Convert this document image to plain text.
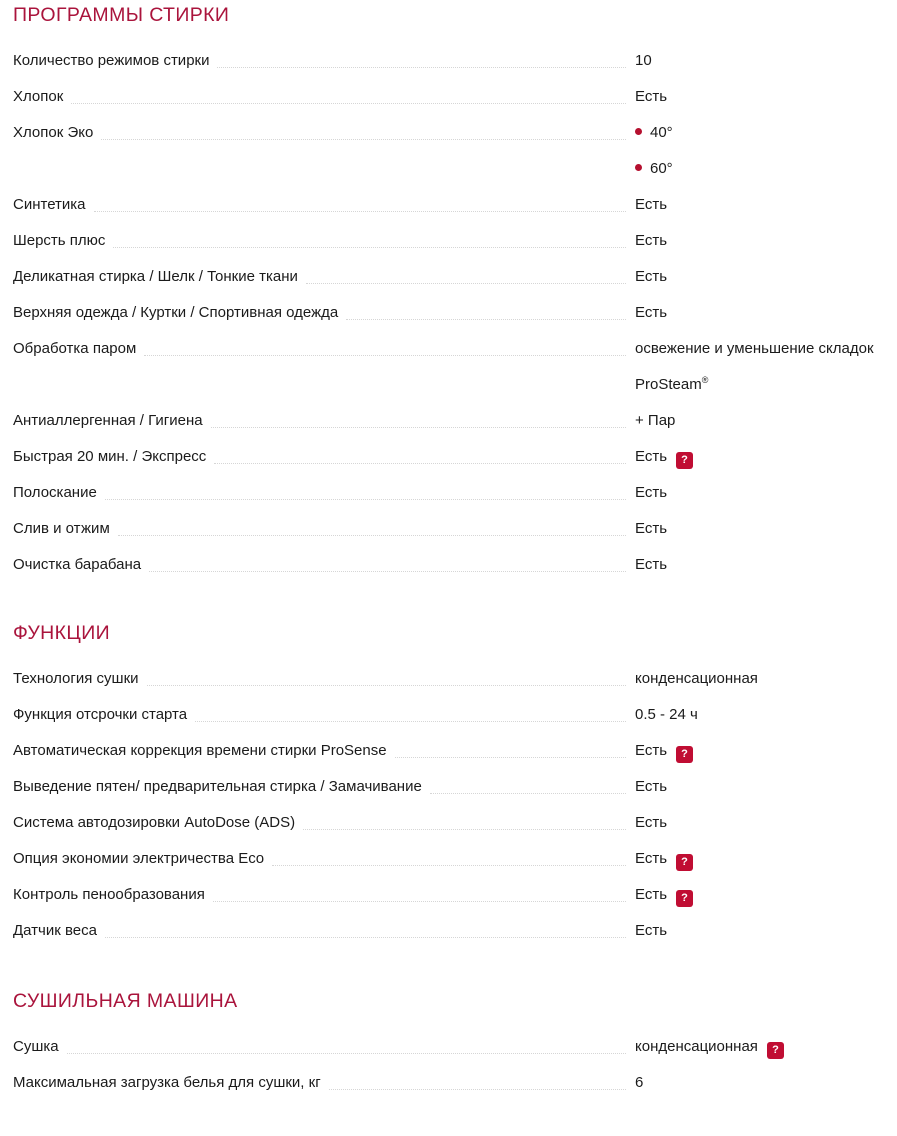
ПРОГРАММЫ СТИРКИ
Количество режимов стирки	10
Хлопок	Есть
Хлопок Эко	40°
60°
Синтетика	Есть
Шерсть плюс	Есть
Деликатная стирка / Шелк / Тонкие ткани	Есть
Верхняя одежда / Куртки / Спортивная одежда	Есть
Обработка паром	освежение и уменьшение складок
ProSteam®
Антиаллергенная / Гигиена	+ Пар
Быстрая 20 мин. / Экспресс	Есть ?
Полоскание	Есть
Слив и отжим	Есть
Очистка барабана	Есть
ФУНКЦИИ
Технология сушки	конденсационная
Функция отсрочки старта	0.5 - 24 ч
Автоматическая коррекция времени стирки ProSense	Есть ?
Выведение пятен/ предварительная стирка / Замачивание	Есть
Система автодозировки AutoDose (ADS)	Есть
Опция экономии электричества Eco	Есть ?
Контроль пенообразования	Есть ?
Датчик веса	Есть
СУШИЛЬНАЯ МАШИНА
Сушка	конденсационная ?
Максимальная загрузка белья для сушки, кг	6
